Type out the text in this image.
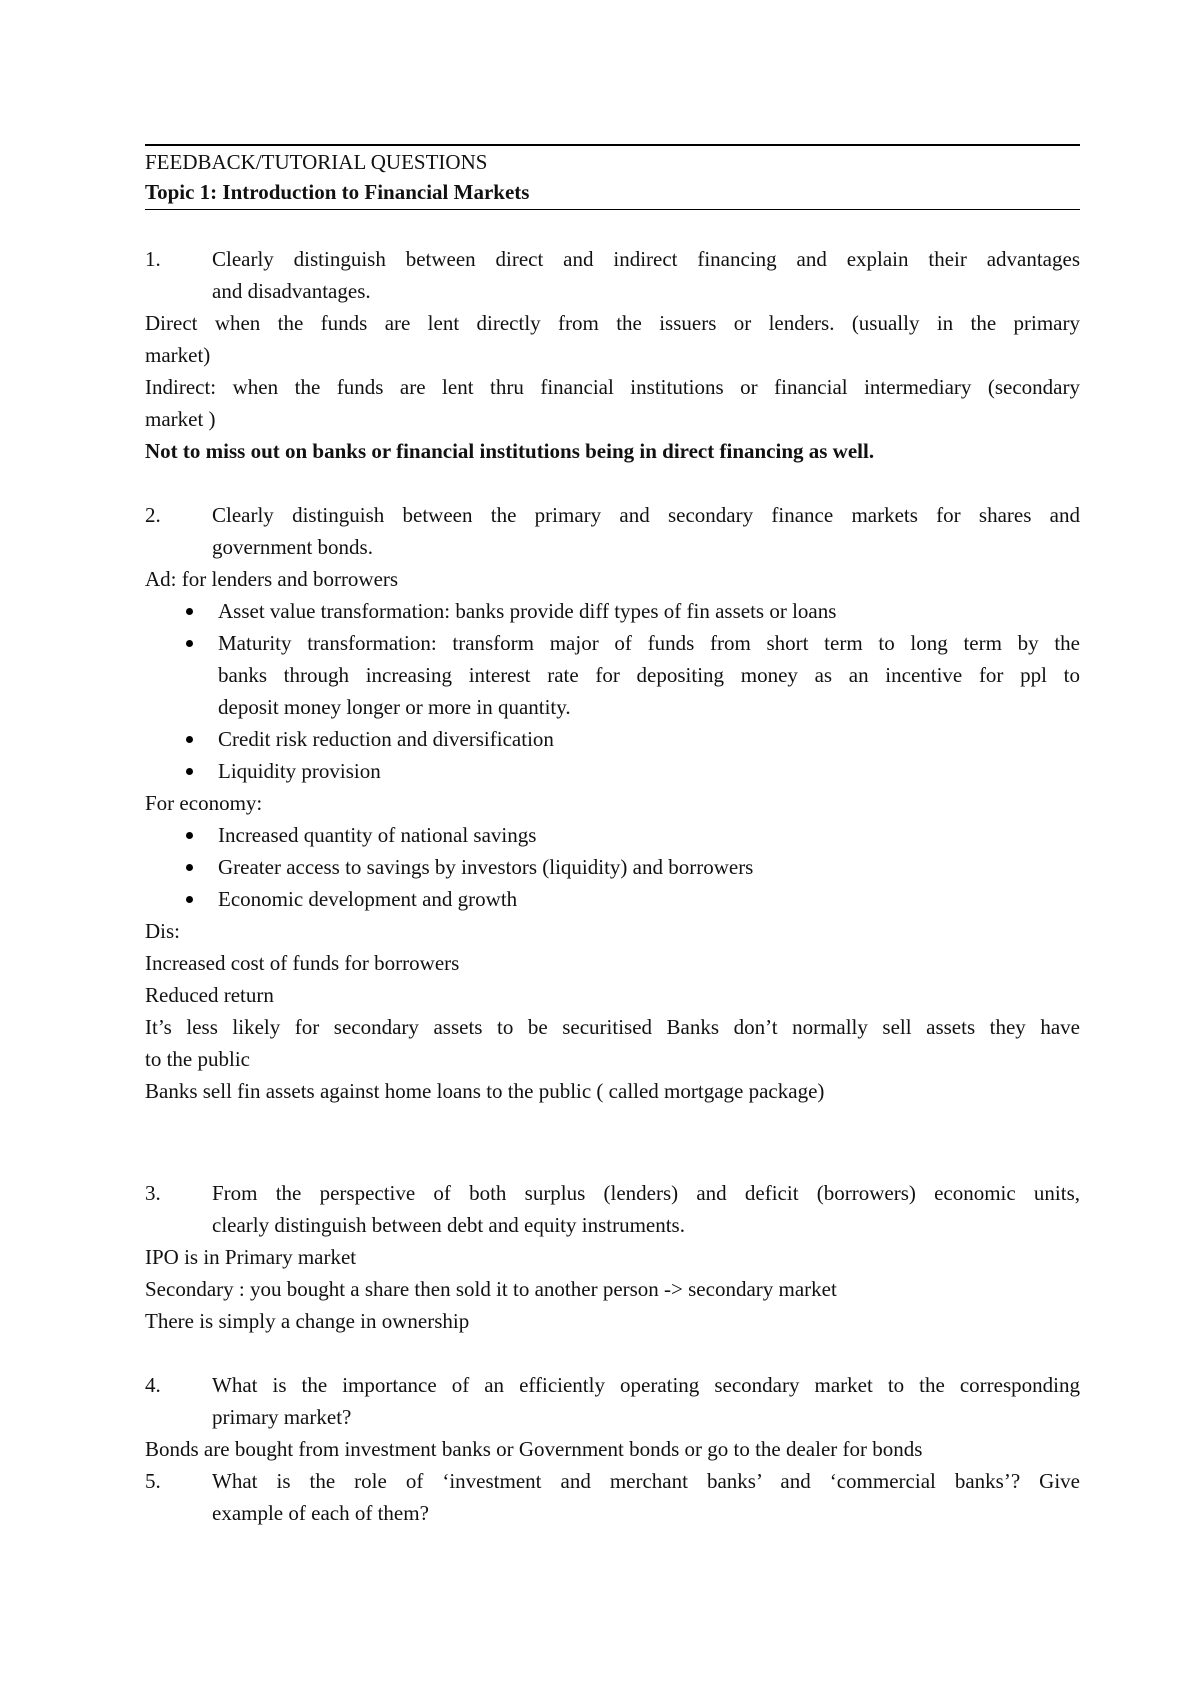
FEEDBACK/TUTORIAL QUESTIONS
Topic 1: Introduction to Financial Markets
1. Clearly distinguish between direct and indirect financing and explain their advantages
and disadvantages.
Direct when the funds are lent directly from the issuers or lenders. (usually in the primary
market)
Indirect: when the funds are lent thru financial institutions or financial intermediary (secondary
market )
Not to miss out on banks or financial institutions being in direct financing as well.
2. Clearly distinguish between the primary and secondary finance markets for shares and
government bonds.
Ad: for lenders and borrowers
Asset value transformation: banks provide diff types of fin assets or loans
Maturity transformation: transform major of funds from short term to long term by the
banks through increasing interest rate for depositing money as an incentive for ppl to
deposit money longer or more in quantity.
Credit risk reduction and diversification
Liquidity provision
For economy:
Increased quantity of national savings
Greater access to savings by investors (liquidity) and borrowers
Economic development and growth
Dis:
Increased cost of funds for borrowers
Reduced return
It’s less likely for secondary assets to be securitised Banks don’t normally sell assets they have
to the public
Banks sell fin assets against home loans to the public ( called mortgage package)
3. From the perspective of both surplus (lenders) and deficit (borrowers) economic units,
clearly distinguish between debt and equity instruments.
IPO is in Primary market
Secondary : you bought a share then sold it to another person -> secondary market
There is simply a change in ownership
4. What is the importance of an efficiently operating secondary market to the corresponding
primary market?
Bonds are bought from investment banks or Government bonds or go to the dealer for bonds
5. What is the role of ‘investment and merchant banks’ and ‘commercial banks’? Give
example of each of them?
